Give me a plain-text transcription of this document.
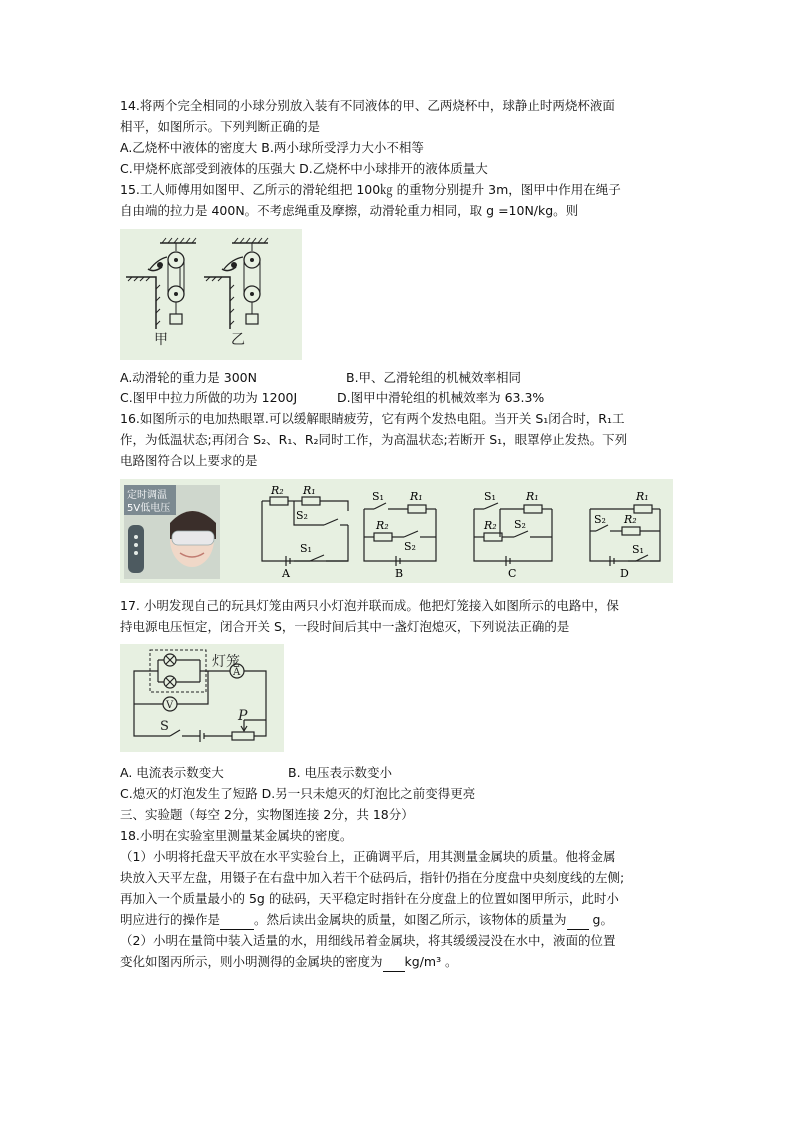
14.将两个完全相同的小球分别放入装有不同液体的甲、乙两烧杯中，球静止时两烧杯液面
相平，如图所示。下列判断正确的是
A.乙烧杯中液体的密度大 B.两小球所受浮力大小不相等
C.甲烧杯底部受到液体的压强大 D.乙烧杯中小球排开的液体质量大
15.工人师傅用如图甲、乙所示的滑轮组把 100㎏ 的重物分别提升 3m，图甲中作用在绳子
自由端的拉力是 400N。不考虑绳重及摩擦，动滑轮重力相同，取 g =10N/kg。则
甲	乙
A.动滑轮的重力是 300N	B.甲、乙滑轮组的机械效率相同
C.图甲中拉力所做的功为 1200J	D.图甲中滑轮组的机械效率为 63.3%
16.如图所示的电加热眼罩.可以缓解眼睛疲劳，它有两个发热电阻。当开关 S₁闭合时，R₁工
作，为低温状态;再闭合 S₂、R₁、R₂同时工作，为高温状态;若断开 S₁，眼罩停止发热。下列
电路图符合以上要求的是
定时调温
5V低电压
R₂ R₁
S₂
S₁
A
S₁ R₁
R₂
S₂
B
S₁	R₁
R₂ S₂
C
R₁
S₂ R₂
S₁
D
17. 小明发现自己的玩具灯笼由两只小灯泡并联而成。他把灯笼接入如图所示的电路中，保
持电源电压恒定，闭合开关 S，一段时间后其中一盏灯泡熄灭，下列说法正确的是
灯笼
A
V
S
P
A. 电流表示数变大	B. 电压表示数变小
C.熄灭的灯泡发生了短路 D.另一只未熄灭的灯泡比之前变得更亮
三、实验题（每空 2分，实物图连接 2分，共 18分）
18.小明在实验室里测量某金属块的密度。
（1）小明将托盘天平放在水平实验台上，正确调平后，用其测量金属块的质量。他将金属
块放入天平左盘，用镊子在右盘中加入若干个砝码后，指针仍指在分度盘中央刻度线的左侧;
再加入一个质量最小的 5g 的砝码，天平稳定时指针在分度盘上的位置如图甲所示，此时小
明应进行的操作是	。然后读出金属块的质量，如图乙所示，该物体的质量为  g。
（2）小明在量筒中装入适量的水，用细线吊着金属块，将其缓缓浸没在水中，液面的位置
变化如图丙所示，则小明测得的金属块的密度为 kg/m³ 。
